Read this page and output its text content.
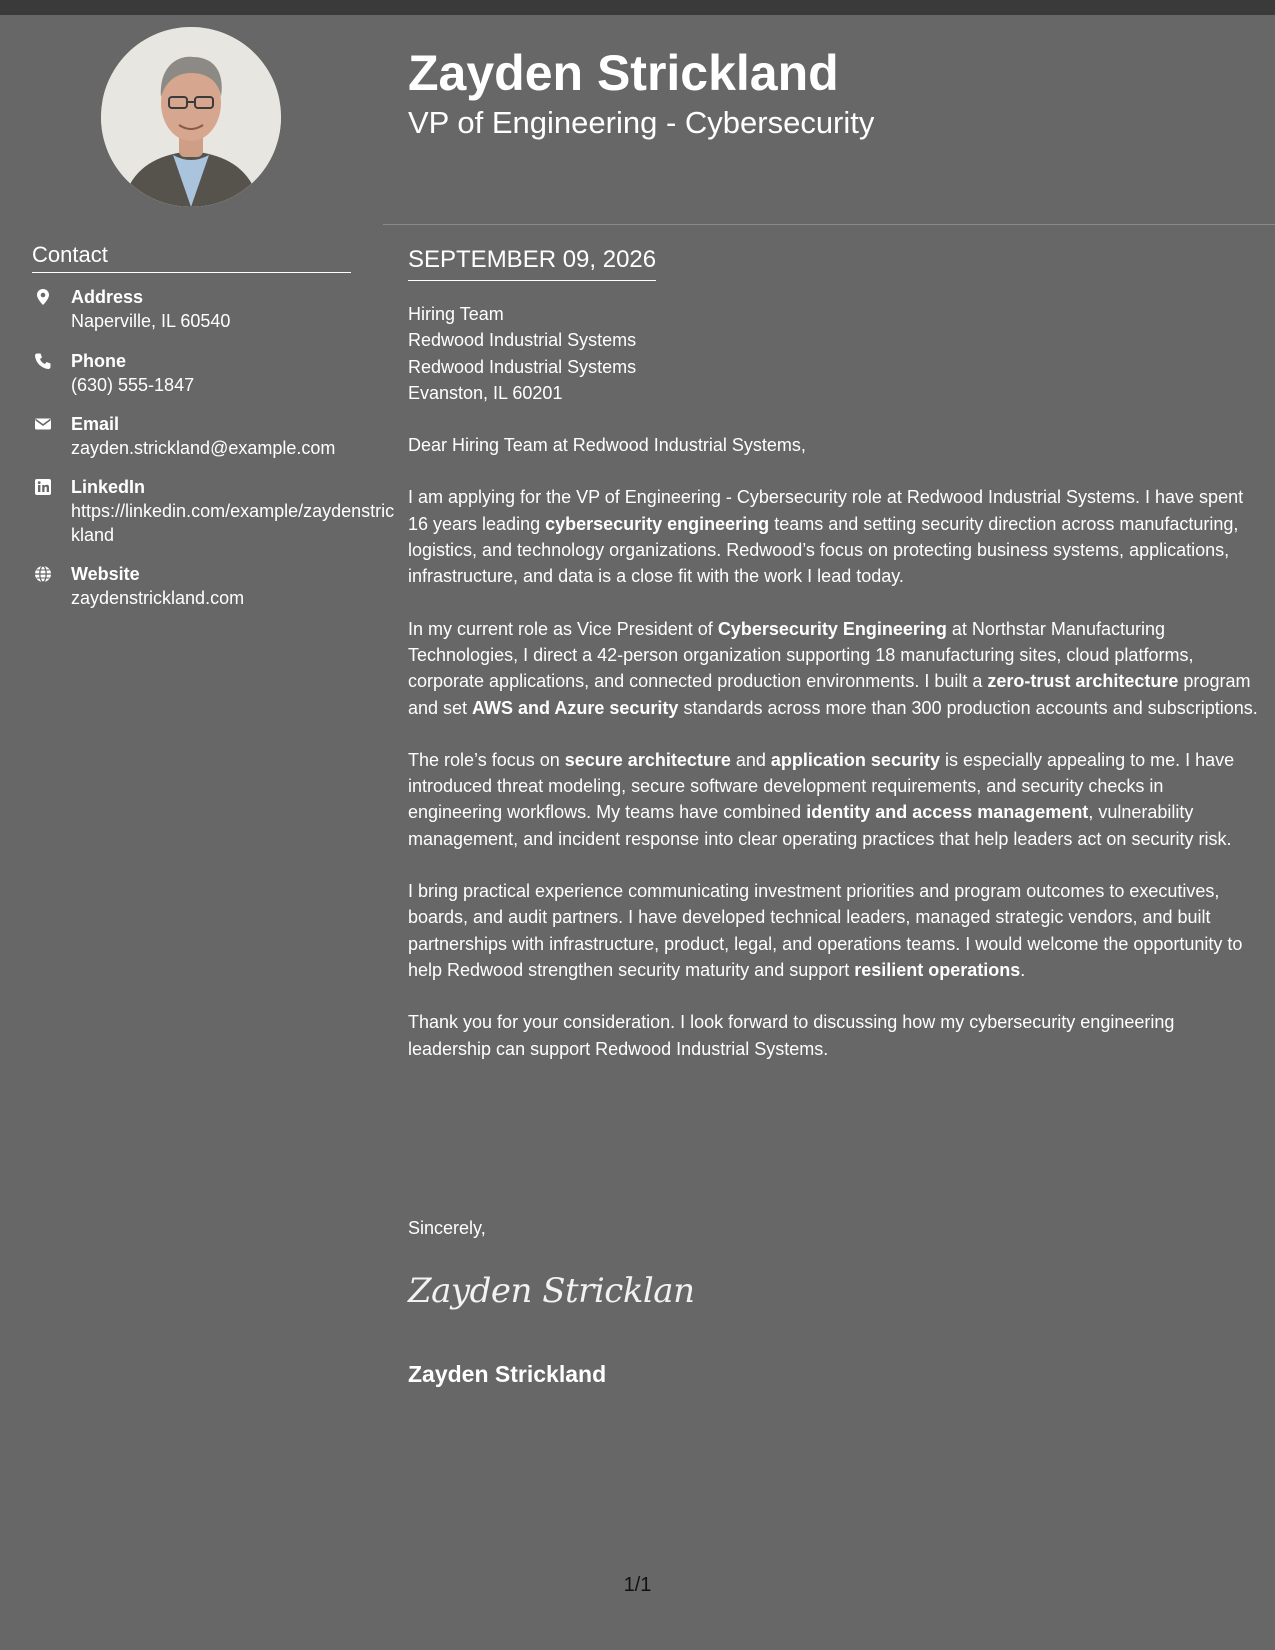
Contact
Address
Naperville, IL 60540
Phone
(630) 555-1847
Email
zayden.strickland@example.com
LinkedIn
https://linkedin.com/example/zaydenstrickland
Website
zaydenstrickland.com
Zayden Strickland
VP of Engineering - Cybersecurity
SEPTEMBER 09, 2026

Hiring Team
Redwood Industrial Systems
Redwood Industrial Systems
Evanston, IL 60201

Dear Hiring Team at Redwood Industrial Systems,

I am applying for the VP of Engineering - Cybersecurity role at Redwood Industrial Systems. I have spent 16 years leading cybersecurity engineering teams and setting security direction across manufacturing, logistics, and technology organizations. Redwood’s focus on protecting business systems, applications, infrastructure, and data is a close fit with the work I lead today.

In my current role as Vice President of Cybersecurity Engineering at Northstar Manufacturing Technologies, I direct a 42-person organization supporting 18 manufacturing sites, cloud platforms, corporate applications, and connected production environments. I built a zero-trust architecture program and set AWS and Azure security standards across more than 300 production accounts and subscriptions.

The role’s focus on secure architecture and application security is especially appealing to me. I have introduced threat modeling, secure software development requirements, and security checks in engineering workflows. My teams have combined identity and access management, vulnerability management, and incident response into clear operating practices that help leaders act on security risk.

I bring practical experience communicating investment priorities and program outcomes to executives, boards, and audit partners. I have developed technical leaders, managed strategic vendors, and built partnerships with infrastructure, product, legal, and operations teams. I would welcome the opportunity to help Redwood strengthen security maturity and support resilient operations.

Thank you for your consideration. I look forward to discussing how my cybersecurity engineering leadership can support Redwood Industrial Systems.

Sincerely,
Zayden Stricklan
Zayden Strickland
1/1
